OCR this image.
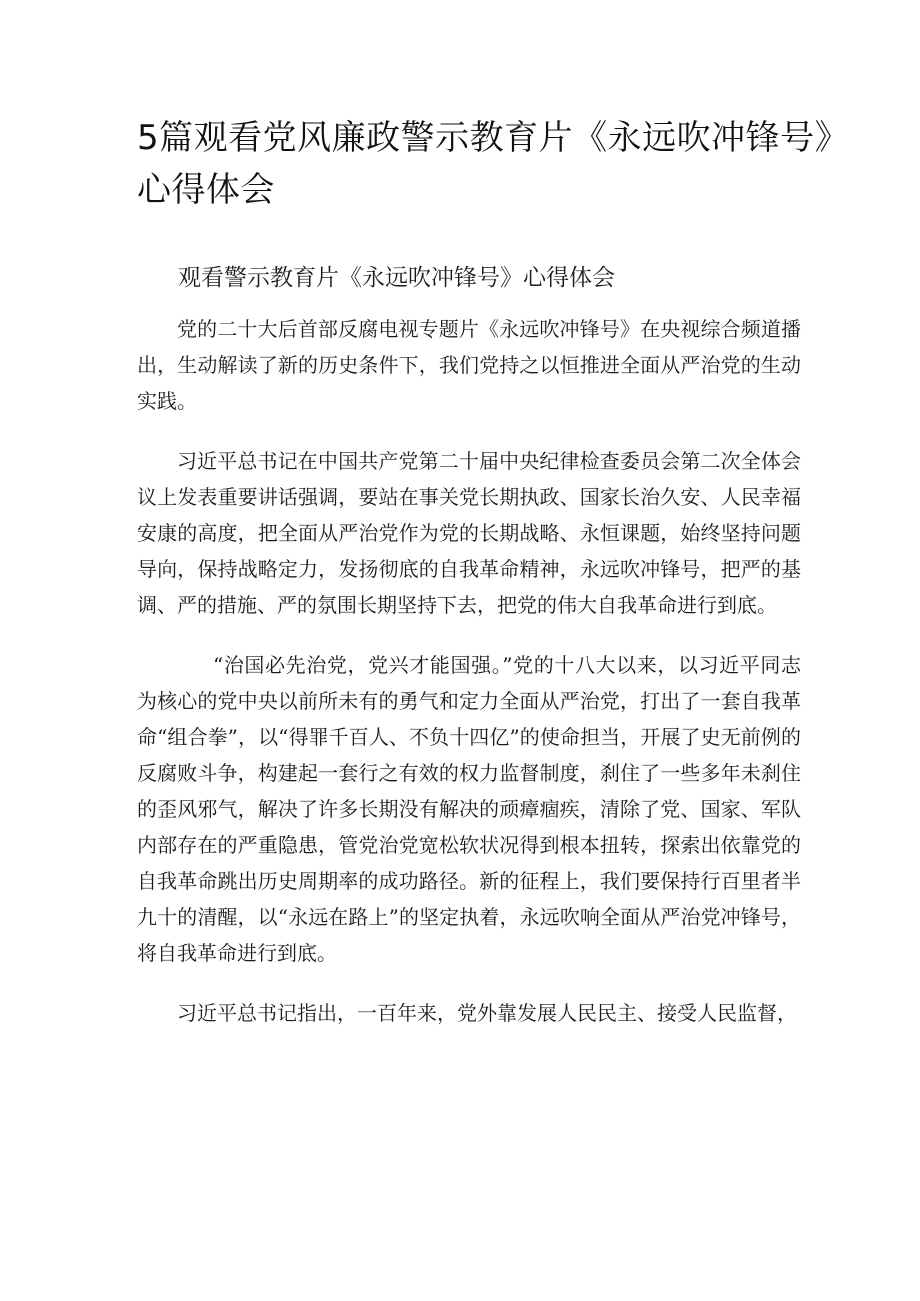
5篇观看党风廉政警示教育片《永远吹冲锋号》心得体会
观看警示教育片《永远吹冲锋号》心得体会

党的二十大后首部反腐电视专题片《永远吹冲锋号》在央视综合频道播出，生动解读了新的历史条件下，我们党持之以恒推进全面从严治党的生动实践。

习近平总书记在中国共产党第二十届中央纪律检查委员会第二次全体会议上发表重要讲话强调，要站在事关党长期执政、国家长治久安、人民幸福安康的高度，把全面从严治党作为党的长期战略、永恒课题，始终坚持问题导向，保持战略定力，发扬彻底的自我革命精神，永远吹冲锋号，把严的基调、严的措施、严的氛围长期坚持下去，把党的伟大自我革命进行到底。

“治国必先治党，党兴才能国强。”党的十八大以来，以习近平同志为核心的党中央以前所未有的勇气和定力全面从严治党，打出了一套自我革命“组合拳”，以“得罪千百人、不负十四亿”的使命担当，开展了史无前例的反腐败斗争，构建起一套行之有效的权力监督制度，刹住了一些多年未刹住的歪风邪气，解决了许多长期没有解决的顽瘴痼疾，清除了党、国家、军队内部存在的严重隐患，管党治党宽松软状况得到根本扭转，探索出依靠党的自我革命跳出历史周期率的成功路径。新的征程上，我们要保持行百里者半九十的清醒，以“永远在路上”的坚定执着，永远吹响全面从严治党冲锋号，将自我革命进行到底。

习近平总书记指出，一百年来，党外靠发展人民民主、接受人民监督，
